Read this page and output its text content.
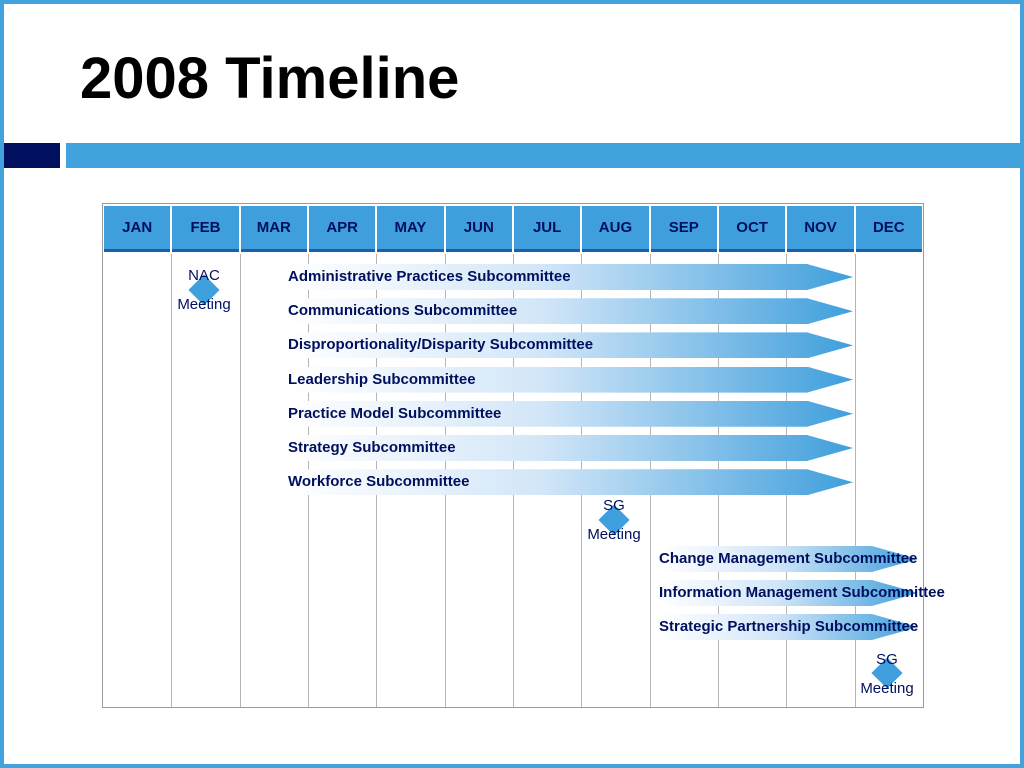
2008 Timeline
JAN	FEB	MAR	APR	MAY	JUN	JUL	AUG	SEP	OCT	NOV	DEC
Administrative Practices Subcommittee
Communications Subcommittee
Disproportionality/Disparity Subcommittee
Leadership Subcommittee
Practice Model Subcommittee
Strategy Subcommittee
Workforce Subcommittee
Change Management Subcommittee
Information Management Subcommittee
Strategic Partnership Subcommittee
NAC
Meeting
SG
Meeting
SG
Meeting
